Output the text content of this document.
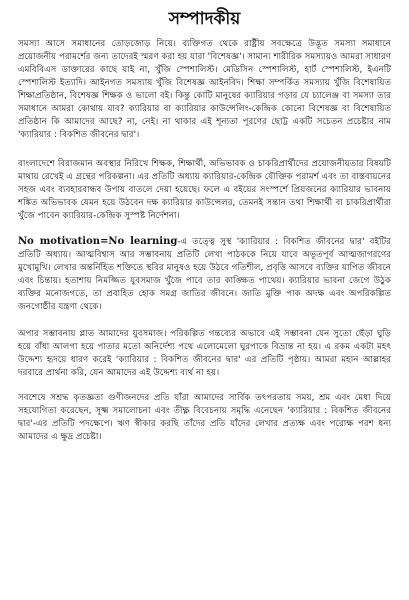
সম্পাদকীয়

সমস্যা আসে সমাধানের তোড়জোড় নিয়ে। ব্যক্তিগত থেকে রাষ্ট্রীয় সবক্ষেত্রে উদ্ভূত সমস্যা সমাধানে প্রয়োজনীয় পরামর্শের জন্য তাদেরই স্মরণ করা হয় যারা 'বিশেষজ্ঞ'। সামান্য শারীরিক সমস্যায়ও আমরা সাধারণ এমবিবিএস ডাক্তারের কাছে যাই না, খুঁজি স্পেশালিস্ট। মেডিসিন স্পেশালিস্ট, হার্ট স্পেশালিস্ট, ইএনটি স্পেশালিস্ট ইত্যাদি। আইনগত সমস্যায় খুঁজি বিশেষজ্ঞ আইনবিদ। শিক্ষা সম্পর্কিত সমস্যায় খুঁজি বিশেষায়িত শিক্ষাপ্রতিষ্ঠান, বিশেষজ্ঞ শিক্ষক ও ভালো বই। কিন্তু কোটি মানুষের ক্যারিয়ার গড়ার যে চ্যালেঞ্জ বা সমস্যা তার সমাধানে আমরা কোথায় যাব? ক্যারিয়ার বা ক্যারিয়ার কাউন্সেলিং-কেন্দ্রিক কোনো বিশেষজ্ঞ বা বিশেষায়িত প্রতিষ্ঠান কি আমাদের আছে? না, নেই। না থাকার এই শূন্যতা পূরণের ছোট্ট একটি সচেতন প্রচেষ্টার নাম 'ক্যারিয়ার : বিকশিত জীবনের দ্বার'।

বাংলাদেশে বিরাজমান অবস্থার নিরিখে শিক্ষক, শিক্ষার্থী, অভিভাবক ও চাকরিপ্রার্থীদের প্রয়োজনীয়তার বিষয়টি মাথায় রেখেই এ গ্রন্থের পরিকল্পনা। এর প্রতিটি অধ্যায় ক্যারিয়ার-কেন্দ্রিক যৌক্তিক পরামর্শ এবং তা বাস্তবায়নের সহজ এবং ব্যবহারবান্ধব উপায় বাতলে দেয়া হয়েছে। ফলে এ বইয়ের সংস্পর্শে প্রিয়জনের ক্যারিয়ার ভাবনায় শঙ্কিত অভিভাবক যেমন হয়ে উঠবেন দক্ষ ক্যারিয়ার কাউন্সেলর, তেমনই সন্তান তথা শিক্ষার্থী বা চাকরিপ্রার্থীরা খুঁজে পাবেন ক্যারিয়ার-কেন্দ্রিক সুস্পষ্ট নির্দেশনা।

No motivation=No learning-এ তত্ত্বে সুস্থ 'ক্যারিয়ার : বিকশিত জীবনের দ্বার' বইটির প্রতিটি অধ্যায়। আত্মবিশ্বাস আর সম্ভাবনায় প্রতিটি লেখা পাঠককে নিয়ে যাবে অভূতপূর্ব আত্মজাগরণের মুখোমুখি। লেখার অন্তর্নিহিত শক্তিতে স্থবির মানুষও হয়ে উঠবে গতিশীল, প্রবৃত্তি আসবে ব্যক্তির যাপিত জীবনে এবং চিন্তায়। হতাশায় নিমজ্জিত যুবসমাজ খুঁজে পাবে তার কাঙ্ক্ষিত পাথেয়। ক্যারিয়ার ভাবনা জেগে উঠুক ব্যক্তির মনোজগতে, তা প্রবাহিত হোক সমগ্র জাতির জীবনে। জাতি মুক্তি পাক অদক্ষ এবং অপরিকল্পিত জনগোষ্ঠীর যন্ত্রণা থেকে।

অপার সম্ভাবনায় প্লাত আমাদের যুবসমাজ। পরিকল্পিত গন্তব্যের অভাবে এই সম্ভাবনা যেন সুতো ছেঁড়া ঘুড়ি হয়ে বাঁধা আলগা হয়ে পাতার মতো অনির্দেশ্য পথে এলোমেলো ঘুরপাকে বিভ্রান্ত না হয়। এ রকম একটা মহৎ উদ্দেশ্য হৃদয়ে ধারণ করেই 'ক্যারিয়ার : বিকশিত জীবনের দ্বার' এর প্রতিটি পৃষ্ঠায়। আমরা মহান আল্লাহর দরবারে প্রার্থনা করি, যেন আমাদের এই উদ্দেশ্য ব্যর্থ না হয়।

সবশেষে সশ্রদ্ধ কৃতজ্ঞতা গুণীজনদের প্রতি যাঁরা আমাদের সার্বিক তৎপরতায় সময়, শ্রম এবং মেধা দিয়ে সহযোগিতা করেছেন, সূক্ষ্ম সমালোচনা এবং তীক্ষ্ণ বিবেচনায় সমৃদ্ধি এনেছেন 'ক্যারিয়ার : বিকশিত জীবনের দ্বার'-এর প্রতিটি পদক্ষেপে। ঋণ স্বীকার করছি তাঁদের প্রতি যাঁদের লেখার প্রত্যক্ষ এবং পরোক্ষ পরশ ধন্য আমাদের এ ক্ষুদ্র প্রচেষ্টা।
